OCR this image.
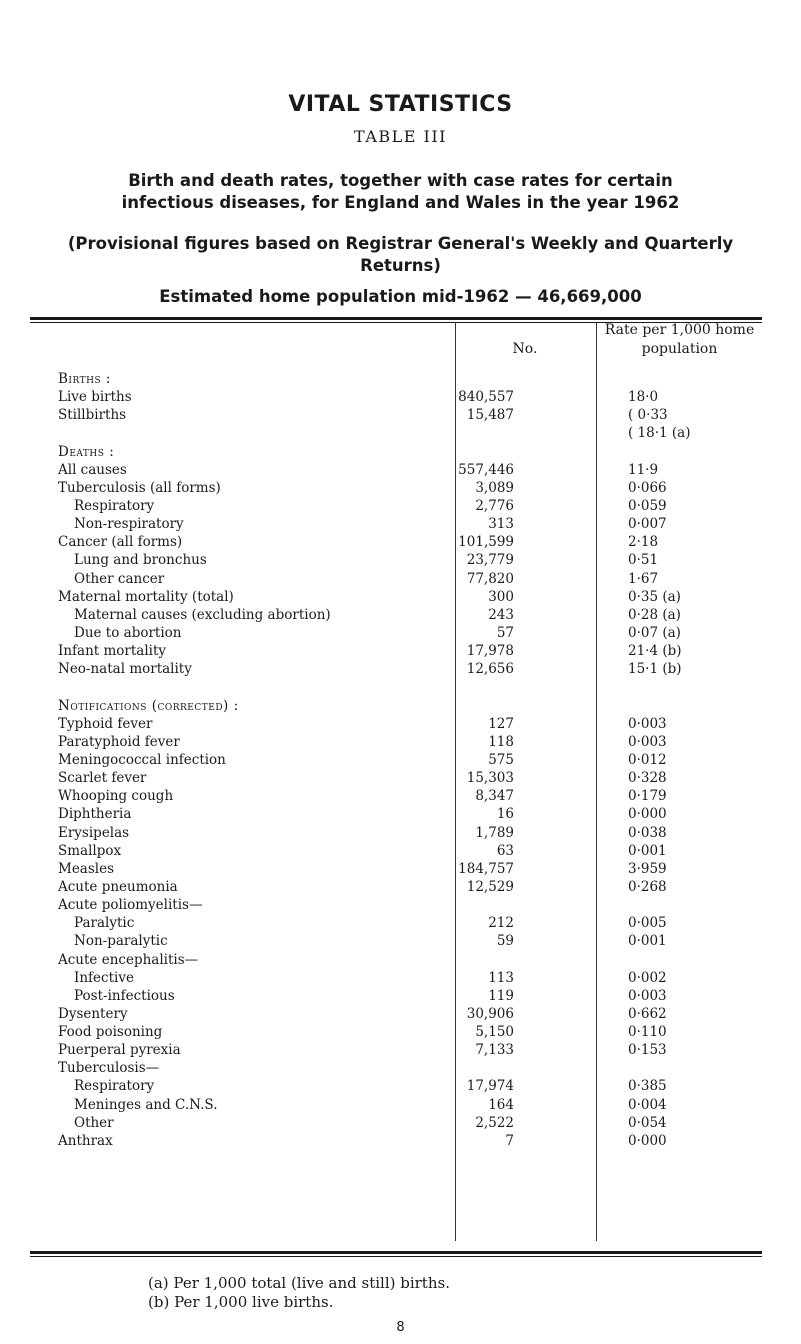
VITAL STATISTICS
TABLE III
Birth and death rates, together with case rates for certain infectious diseases, for England and Wales in the year 1962
(Provisional figures based on Registrar General's Weekly and Quarterly Returns)
Estimated home population mid-1962 — 46,669,000
No.
Rate per 1,000 home population
Births :
Live births	840,557	18·0
Stillbirths	15,487	( 0·33
( 18·1 (a)
Deaths :
All causes	557,446	11·9
Tuberculosis (all forms)	3,089	0·066
Respiratory	2,776	0·059
Non-respiratory	313	0·007
Cancer (all forms)	101,599	2·18
Lung and bronchus	23,779	0·51
Other cancer	77,820	1·67
Maternal mortality (total)	300	0·35 (a)
Maternal causes (excluding abortion)	243	0·28 (a)
Due to abortion	57	0·07 (a)
Infant mortality	17,978	21·4 (b)
Neo-natal mortality	12,656	15·1 (b)
Notifications (corrected) :
Typhoid fever	127	0·003
Paratyphoid fever	118	0·003
Meningococcal infection	575	0·012
Scarlet fever	15,303	0·328
Whooping cough	8,347	0·179
Diphtheria	16	0·000
Erysipelas	1,789	0·038
Smallpox	63	0·001
Measles	184,757	3·959
Acute pneumonia	12,529	0·268
Acute poliomyelitis—
Paralytic	212	0·005
Non-paralytic	59	0·001
Acute encephalitis—
Infective	113	0·002
Post-infectious	119	0·003
Dysentery	30,906	0·662
Food poisoning	5,150	0·110
Puerperal pyrexia	7,133	0·153
Tuberculosis—
Respiratory	17,974	0·385
Meninges and C.N.S.	164	0·004
Other	2,522	0·054
Anthrax	7	0·000
(a) Per 1,000 total (live and still) births.
(b) Per 1,000 live births.
8
